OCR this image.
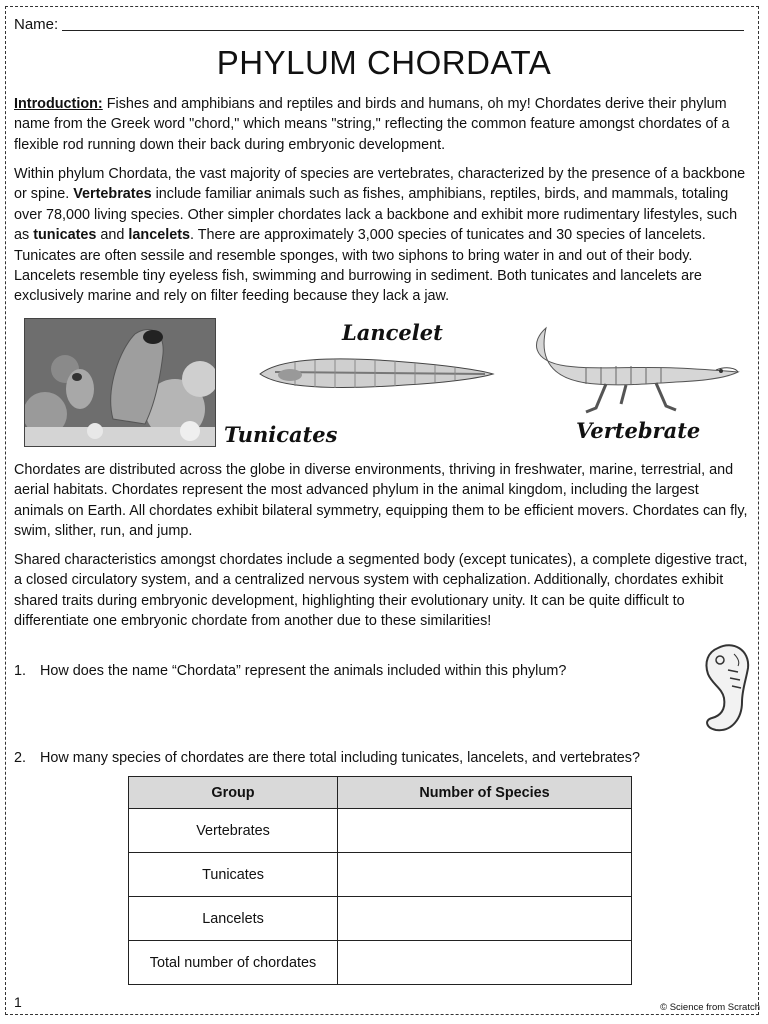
Name:
PHYLUM CHORDATA

Introduction: Fishes and amphibians and reptiles and birds and humans, oh my! Chordates derive their phylum name from the Greek word "chord," which means "string," reflecting the common feature amongst chordates of a flexible rod running down their back during embryonic development.

Within phylum Chordata, the vast majority of species are vertebrates, characterized by the presence of a backbone or spine. Vertebrates include familiar animals such as fishes, amphibians, reptiles, birds, and mammals, totaling over 78,000 living species. Other simpler chordates lack a backbone and exhibit more rudimentary lifestyles, such as tunicates and lancelets. There are approximately 3,000 species of tunicates and 30 species of lancelets. Tunicates are often sessile and resemble sponges, with two siphons to bring water in and out of their body. Lancelets resemble tiny eyeless fish, swimming and burrowing in sediment. Both tunicates and lancelets are exclusively marine and rely on filter feeding because they lack a jaw.

Tunicates
Lancelet
Vertebrate

Chordates are distributed across the globe in diverse environments, thriving in freshwater, marine, terrestrial, and aerial habitats. Chordates represent the most advanced phylum in the animal kingdom, including the largest animals on Earth. All chordates exhibit bilateral symmetry, equipping them to be efficient movers. Chordates can fly, swim, slither, run, and jump.

Shared characteristics amongst chordates include a segmented body (except tunicates), a complete digestive tract, a closed circulatory system, and a centralized nervous system with cephalization. Additionally, chordates exhibit shared traits during embryonic development, highlighting their evolutionary unity. It can be quite difficult to differentiate one embryonic chordate from another due to these similarities!

1. How does the name “Chordata” represent the animals included within this phylum?
2. How many species of chordates are there total including tunicates, lancelets, and vertebrates?
Group	Number of Species
Vertebrates	
Tunicates	
Lancelets	
Total number of chordates	
1	© Science from Scratch
